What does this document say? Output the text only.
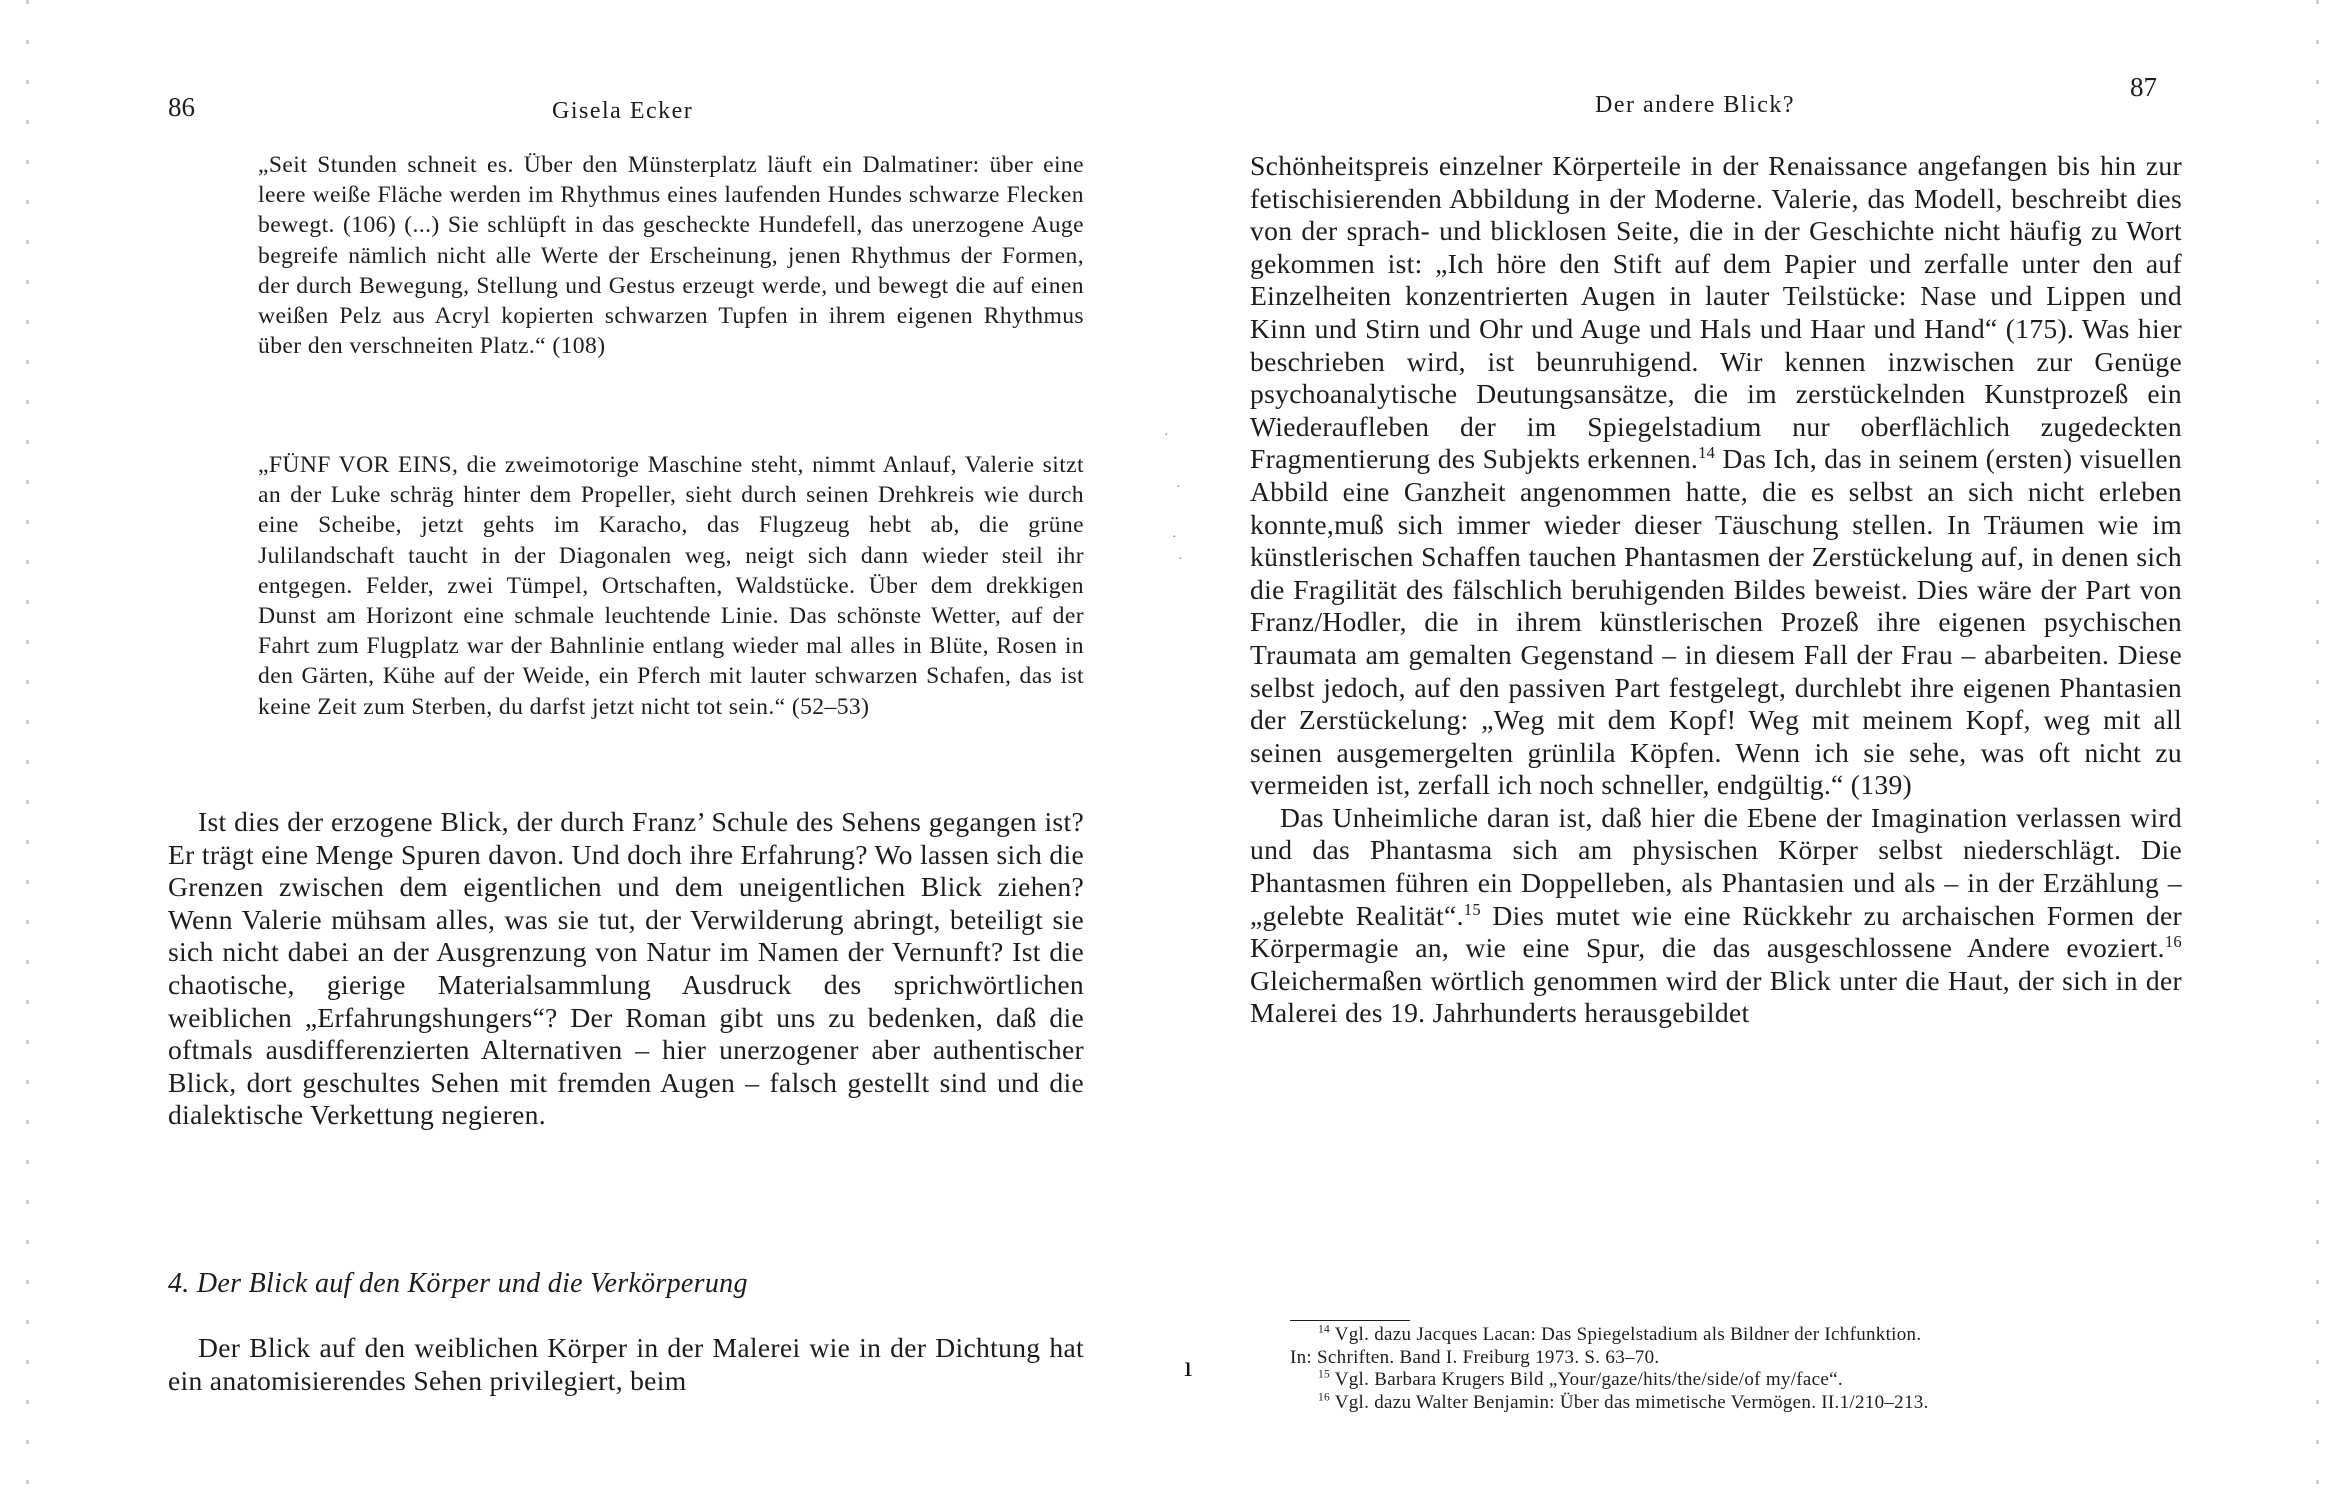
86	Gisela Ecker

„Seit Stunden schneit es. Über den Münsterplatz läuft ein Dalmatiner: über eine leere weiße Fläche werden im Rhythmus eines laufenden Hundes schwarze Flecken bewegt. (106) (...) Sie schlüpft in das gescheckte Hundefell, das unerzogene Auge begreife nämlich nicht alle Werte der Erscheinung, jenen Rhythmus der Formen, der durch Bewegung, Stellung und Gestus erzeugt werde, und bewegt die auf einen weißen Pelz aus Acryl kopierten schwarzen Tupfen in ihrem eigenen Rhythmus über den verschneiten Platz.“ (108)

„FÜNF VOR EINS, die zweimotorige Maschine steht, nimmt Anlauf, Valerie sitzt an der Luke schräg hinter dem Propeller, sieht durch seinen Drehkreis wie durch eine Scheibe, jetzt gehts im Karacho, das Flugzeug hebt ab, die grüne Julilandschaft taucht in der Diagonalen weg, neigt sich dann wieder steil ihr entgegen. Felder, zwei Tümpel, Ortschaften, Waldstücke. Über dem drekkigen Dunst am Horizont eine schmale leuchtende Linie. Das schönste Wetter, auf der Fahrt zum Flugplatz war der Bahnlinie entlang wieder mal alles in Blüte, Rosen in den Gärten, Kühe auf der Weide, ein Pferch mit lauter schwarzen Schafen, das ist keine Zeit zum Sterben, du darfst jetzt nicht tot sein.“ (52–53)

Ist dies der erzogene Blick, der durch Franz’ Schule des Sehens gegangen ist? Er trägt eine Menge Spuren davon. Und doch ihre Erfahrung? Wo lassen sich die Grenzen zwischen dem eigentlichen und dem uneigentlichen Blick ziehen? Wenn Valerie mühsam alles, was sie tut, der Verwilderung abringt, beteiligt sie sich nicht dabei an der Ausgrenzung von Natur im Namen der Vernunft? Ist die chaotische, gierige Materialsammlung Ausdruck des sprichwörtlichen weiblichen „Erfahrungshungers“? Der Roman gibt uns zu bedenken, daß die oftmals ausdifferenzierten Alternativen – hier unerzogener aber authentischer Blick, dort geschultes Sehen mit fremden Augen – falsch gestellt sind und die dialektische Verkettung negieren.

4. Der Blick auf den Körper und die Verkörperung

Der Blick auf den weiblichen Körper in der Malerei wie in der Dichtung hat ein anatomisierendes Sehen privilegiert, beim

·
·
·
·
ı
Der andere Blick?
87

Schönheitspreis einzelner Körperteile in der Renaissance angefangen bis hin zur fetischisierenden Abbildung in der Moderne. Valerie, das Modell, beschreibt dies von der sprach- und blicklosen Seite, die in der Geschichte nicht häufig zu Wort gekommen ist: „Ich höre den Stift auf dem Papier und zerfalle unter den auf Einzelheiten konzentrierten Augen in lauter Teilstücke: Nase und Lippen und Kinn und Stirn und Ohr und Auge und Hals und Haar und Hand“ (175). Was hier beschrieben wird, ist beunruhigend. Wir kennen inzwischen zur Genüge psychoanalytische Deutungsansätze, die im zerstückelnden Kunstprozeß ein Wiederaufleben der im Spiegelstadium nur oberflächlich zugedeckten Fragmentierung des Subjekts erkennen.$^{14}$ Das Ich, das in seinem (ersten) visuellen Abbild eine Ganzheit angenommen hatte, die es selbst an sich nicht erleben konnte,muß sich immer wieder dieser Täuschung stellen. In Träumen wie im künstlerischen Schaffen tauchen Phantasmen der Zerstückelung auf, in denen sich die Fragilität des fälschlich beruhigenden Bildes beweist. Dies wäre der Part von Franz/Hodler, die in ihrem künstlerischen Prozeß ihre eigenen psychischen Traumata am gemalten Gegenstand – in diesem Fall der Frau – abarbeiten. Diese selbst jedoch, auf den passiven Part festgelegt, durchlebt ihre eigenen Phantasien der Zerstückelung: „Weg mit dem Kopf! Weg mit meinem Kopf, weg mit all seinen ausgemergelten grünlila Köpfen. Wenn ich sie sehe, was oft nicht zu vermeiden ist, zerfall ich noch schneller, endgültig.“ (139)

Das Unheimliche daran ist, daß hier die Ebene der Imagination verlassen wird und das Phantasma sich am physischen Körper selbst niederschlägt. Die Phantasmen führen ein Doppelleben, als Phantasien und als – in der Erzählung – „gelebte Realität“.$^{15}$ Dies mutet wie eine Rückkehr zu archaischen Formen der Körpermagie an, wie eine Spur, die das ausgeschlossene Andere evoziert.$^{16}$ Gleichermaßen wörtlich genommen wird der Blick unter die Haut, der sich in der Malerei des 19. Jahrhunderts herausgebildet

$^{14}$ Vgl. dazu Jacques Lacan: Das Spiegelstadium als Bildner der Ichfunktion.

In: Schriften. Band I. Freiburg 1973. S. 63–70.

$^{15}$ Vgl. Barbara Krugers Bild „Your/gaze/hits/the/side/of my/face“.

$^{16}$ Vgl. dazu Walter Benjamin: Über das mimetische Vermögen. II.1/210–213.
